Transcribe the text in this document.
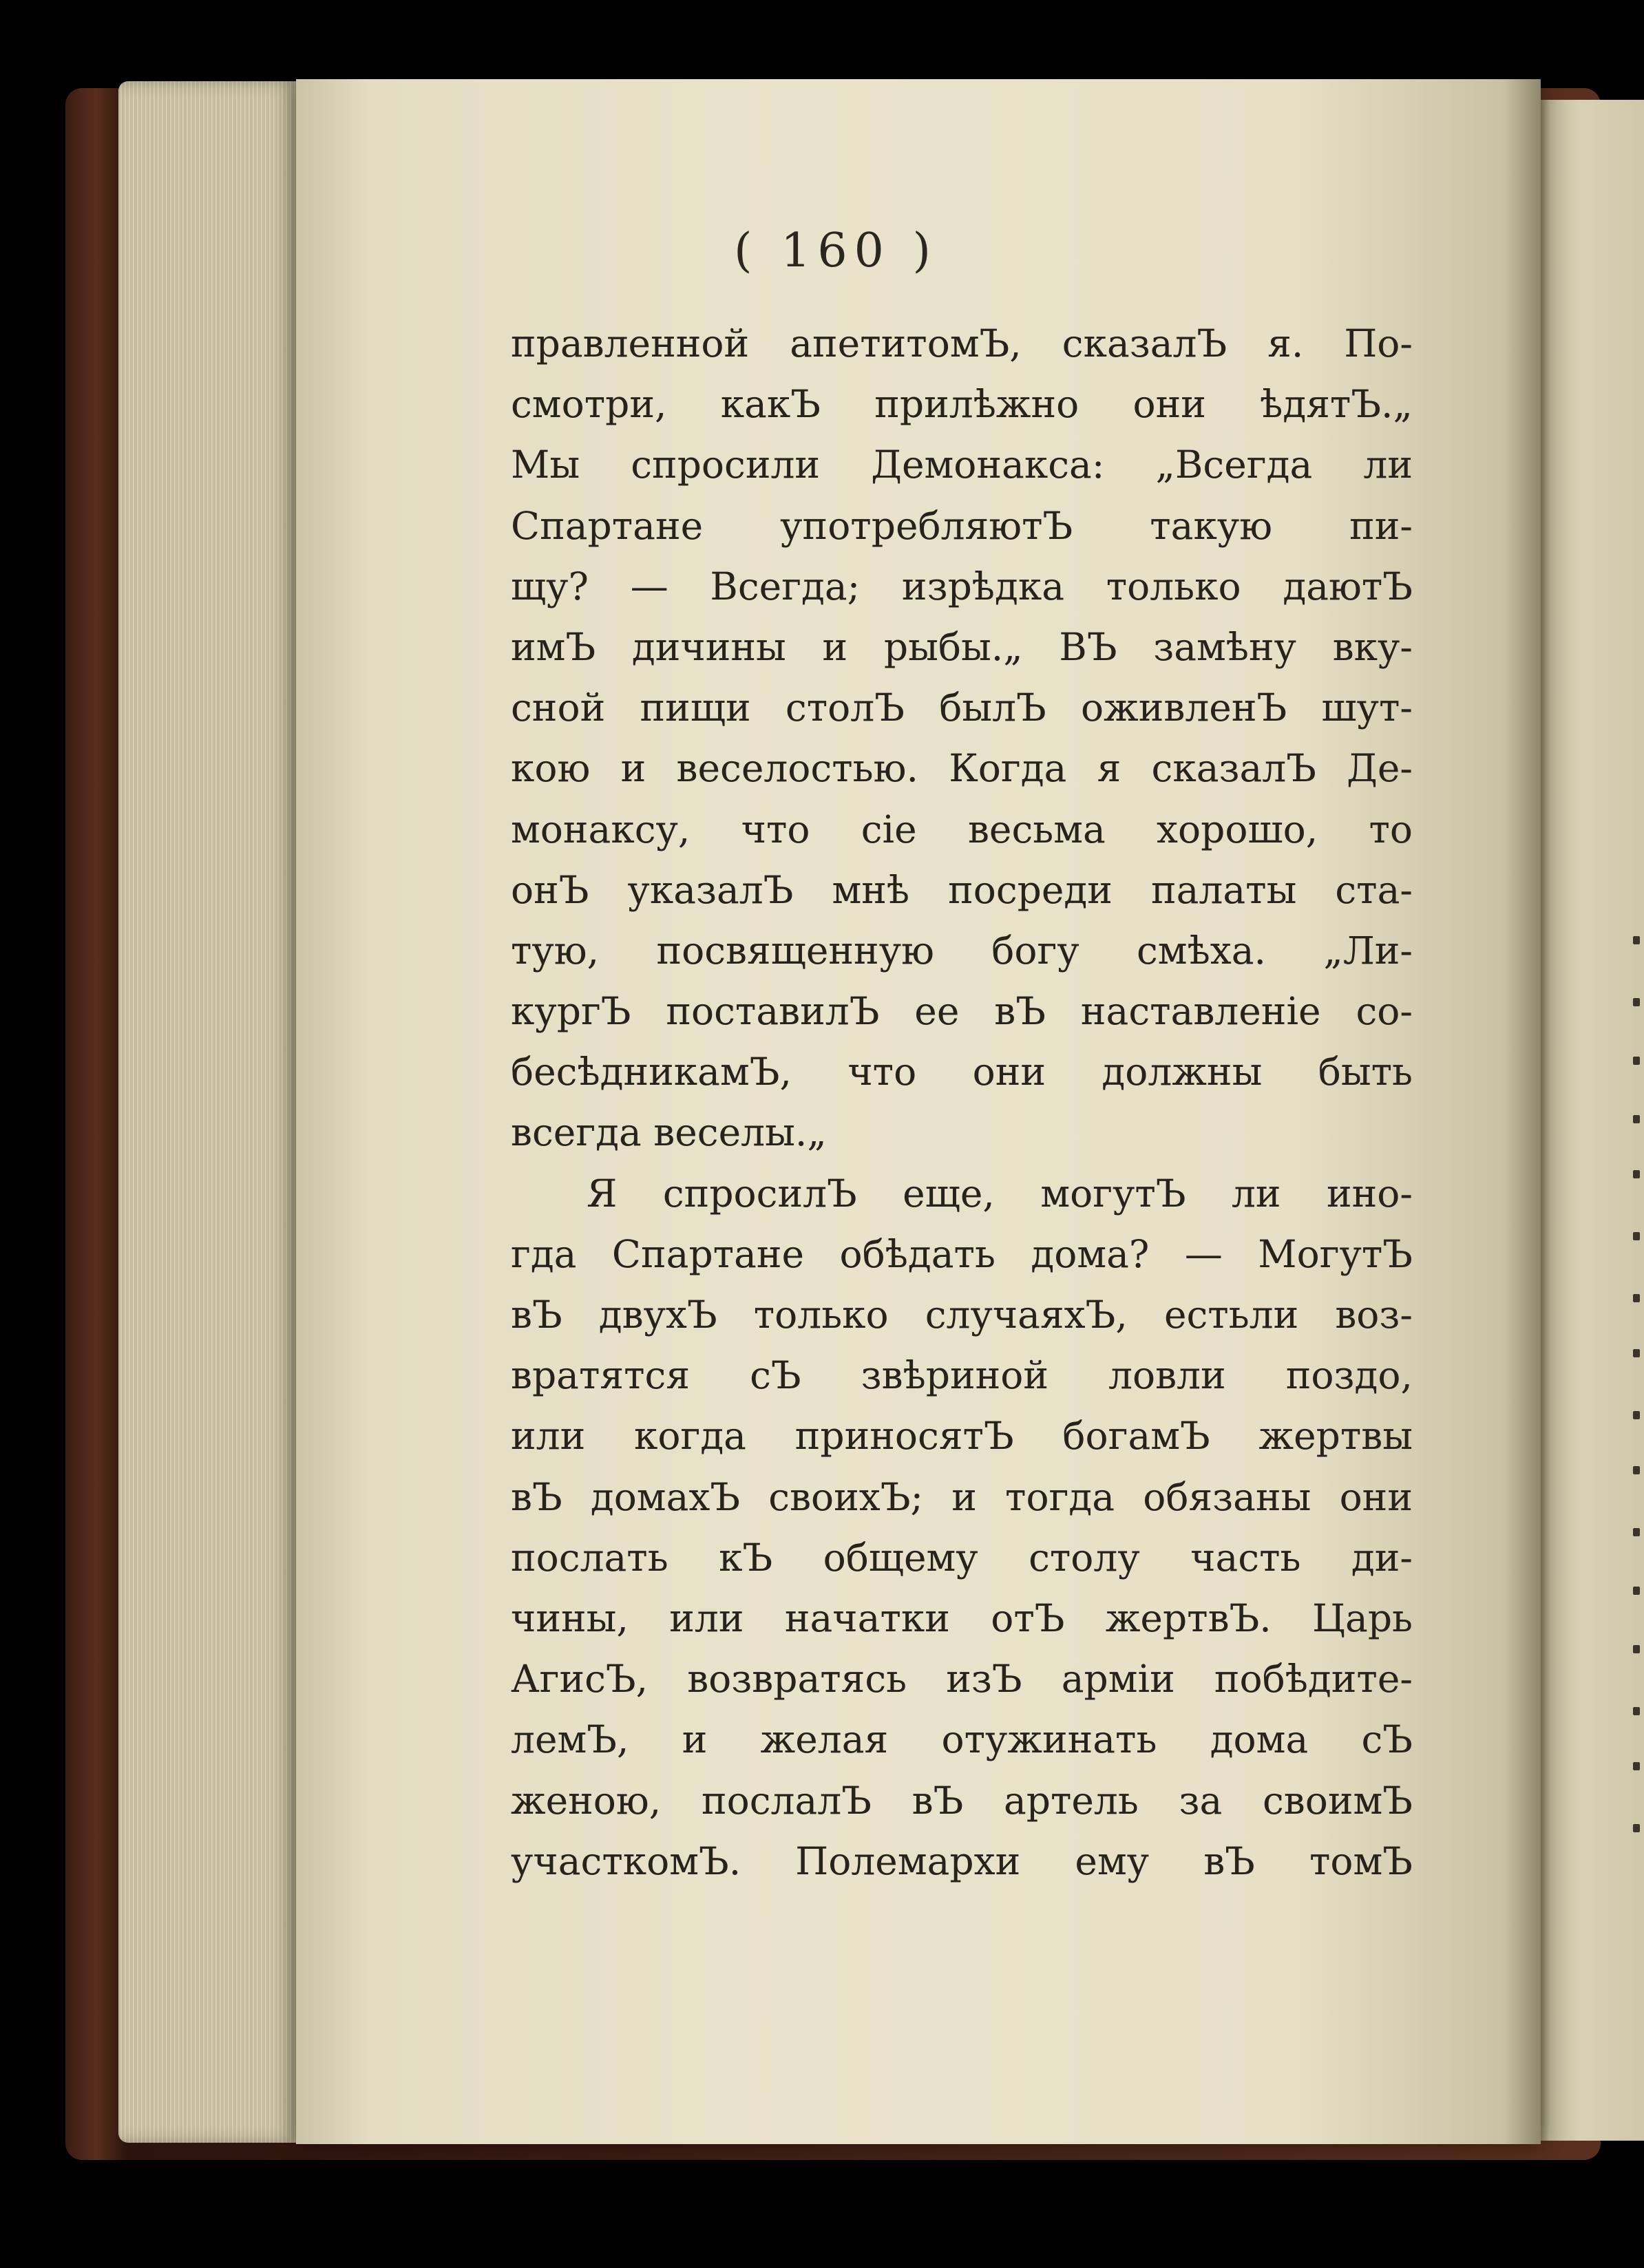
( 160 )
правленной апетитомЪ, сказалЪ я. По-
смотри, какЪ прилѣжно они ѣдятЪ.„
Мы спросили Демонакса: „Всегда ли
Спартане употребляютЪ такую пи-
щу? — Всегда; изрѣдка только даютЪ
имЪ дичины и рыбы.„ ВЪ замѣну вку-
сной пищи столЪ былЪ оживленЪ шут-
кою и веселостью. Когда я сказалЪ Де-
монаксу, что сіе весьма хорошо, то
онЪ указалЪ мнѣ посреди палаты ста-
тую, посвященную богу смѣха. „Ли-
кургЪ поставилЪ ее вЪ наставленіе со-
бесѣдникамЪ, что они должны быть
всегда веселы.„
Я спросилЪ еще, могутЪ ли ино-
гда Спартане обѣдать дома? — МогутЪ
вЪ двухЪ только случаяхЪ, естьли воз-
вратятся сЪ звѣриной ловли поздо,
или когда приносятЪ богамЪ жертвы
вЪ домахЪ своихЪ; и тогда обязаны они
послать кЪ общему столу часть ди-
чины, или начатки отЪ жертвЪ. Царь
АгисЪ, возвратясь изЪ арміи побѣдите-
лемЪ, и желая отужинать дома сЪ
женою, послалЪ вЪ артель за своимЪ
участкомЪ. Полемархи ему вЪ томЪ
